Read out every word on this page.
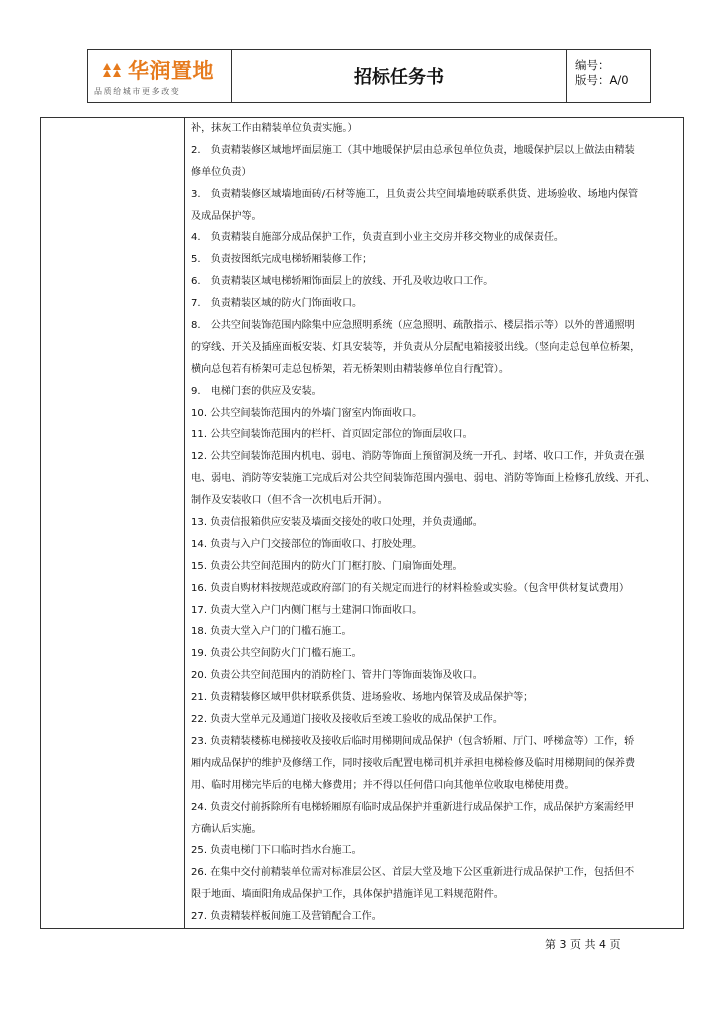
华润置地
品质给城市更多改变
招标任务书
编号：
版号：A/0
补，抹灰工作由精装单位负责实施。）
2.　负责精装修区域地坪面层施工（其中地暖保护层由总承包单位负责，地暖保护层以上做法由精装
修单位负责）
3.　负责精装修区域墙地面砖/石材等施工，且负责公共空间墙地砖联系供货、进场验收、场地内保管
及成品保护等。
4.　负责精装自施部分成品保护工作，负责直到小业主交房并移交物业的成保责任。
5.　负责按图纸完成电梯轿厢装修工作；
6.　负责精装区域电梯轿厢饰面层上的放线、开孔及收边收口工作。
7.　负责精装区域的防火门饰面收口。
8.　公共空间装饰范围内除集中应急照明系统（应急照明、疏散指示、楼层指示等）以外的普通照明
的穿线、开关及插座面板安装、灯具安装等，并负责从分层配电箱接驳出线。（竖向走总包单位桥架，
横向总包若有桥架可走总包桥架，若无桥架则由精装修单位自行配管）。
9.　电梯门套的供应及安装。
10. 公共空间装饰范围内的外墙门窗室内饰面收口。
11. 公共空间装饰范围内的栏杆、首页固定部位的饰面层收口。
12. 公共空间装饰范围内机电、弱电、消防等饰面上预留洞及统一开孔、封堵、收口工作，并负责在强
电、弱电、消防等安装施工完成后对公共空间装饰范围内强电、弱电、消防等饰面上检修孔放线、开孔、
制作及安装收口（但不含一次机电后开洞）。
13. 负责信报箱供应安装及墙面交接处的收口处理，并负责通邮。
14. 负责与入户门交接部位的饰面收口、打胶处理。
15. 负责公共空间范围内的防火门门框打胶、门扇饰面处理。
16. 负责自购材料按规范或政府部门的有关规定而进行的材料检验或实验。（包含甲供材复试费用）
17. 负责大堂入户门内侧门框与土建洞口饰面收口。
18. 负责大堂入户门的门槛石施工。
19. 负责公共空间防火门门槛石施工。
20. 负责公共空间范围内的消防栓门、管井门等饰面装饰及收口。
21. 负责精装修区域甲供材联系供货、进场验收、场地内保管及成品保护等；
22. 负责大堂单元及通道门接收及接收后至竣工验收的成品保护工作。
23. 负责精装楼栋电梯接收及接收后临时用梯期间成品保护（包含轿厢、厅门、呼梯盒等）工作，轿
厢内成品保护的维护及修缮工作，同时接收后配置电梯司机并承担电梯检修及临时用梯期间的保养费
用、临时用梯完毕后的电梯大修费用；并不得以任何借口向其他单位收取电梯使用费。
24. 负责交付前拆除所有电梯轿厢原有临时成品保护并重新进行成品保护工作，成品保护方案需经甲
方确认后实施。
25. 负责电梯门下口临时挡水台施工。
26. 在集中交付前精装单位需对标准层公区、首层大堂及地下公区重新进行成品保护工作，包括但不
限于地面、墙面阳角成品保护工作，具体保护措施详见工料规范附件。
27. 负责精装样板间施工及营销配合工作。
第 3 页 共 4 页
